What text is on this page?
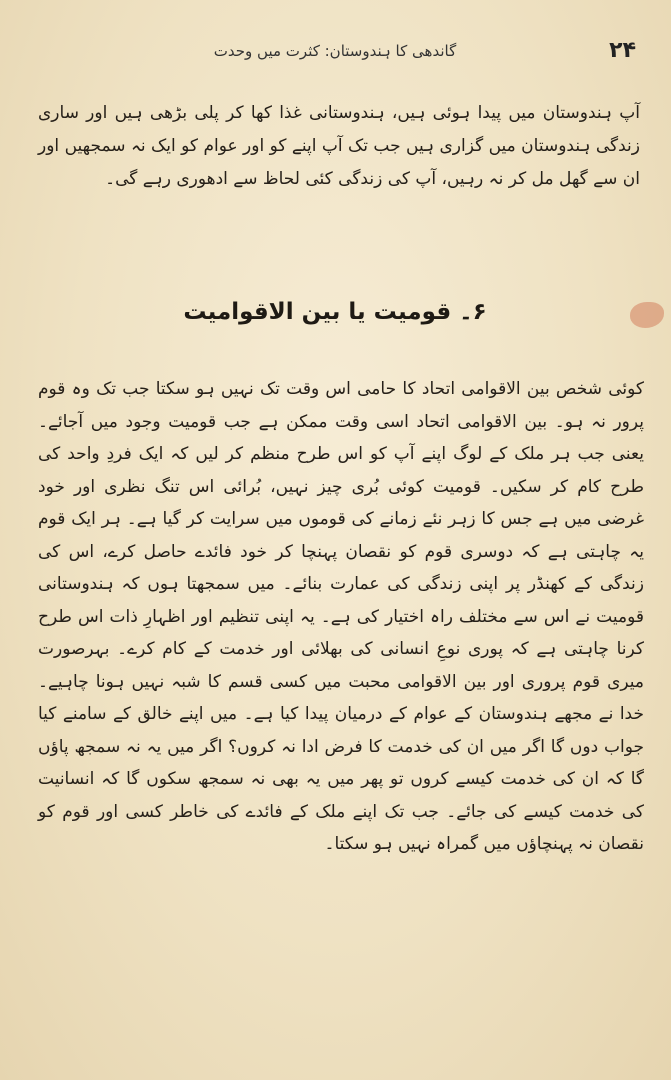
۲۴
گاندھی کا ہندوستان: کثرت میں وحدت

آپ ہندوستان میں پیدا ہوئی ہیں، ہندوستانی غذا کھا کر پلی بڑھی ہیں اور ساری زندگی ہندوستان میں گزاری ہیں جب تک آپ اپنے کو اور عوام کو ایک نہ سمجھیں اور ان سے گھل مل کر نہ رہیں، آپ کی زندگی کئی لحاظ سے ادھوری رہے گی۔

۶۔ قومیت یا بین الاقوامیت

کوئی شخص بین الاقوامی اتحاد کا حامی اس وقت تک نہیں ہو سکتا جب تک وہ قوم پرور نہ ہو۔ بین الاقوامی اتحاد اسی وقت ممکن ہے جب قومیت وجود میں آجائے۔ یعنی جب ہر ملک کے لوگ اپنے آپ کو اس طرح منظم کر لیں کہ ایک فردِ واحد کی طرح کام کر سکیں۔ قومیت کوئی بُری چیز نہیں، بُرائی اس تنگ نظری اور خود غرضی میں ہے جس کا زہر نئے زمانے کی قوموں میں سرایت کر گیا ہے۔ ہر ایک قوم یہ چاہتی ہے کہ دوسری قوم کو نقصان پہنچا کر خود فائدے حاصل کرے، اس کی زندگی کے کھنڈر پر اپنی زندگی کی عمارت بنائے۔ میں سمجھتا ہوں کہ ہندوستانی قومیت نے اس سے مختلف راہ اختیار کی ہے۔ یہ اپنی تنظیم اور اظہارِ ذات اس طرح کرنا چاہتی ہے کہ پوری نوعِ انسانی کی بھلائی اور خدمت کے کام کرے۔ بہرصورت میری قوم پروری اور بین الاقوامی محبت میں کسی قسم کا شبہ نہیں ہونا چاہیے۔ خدا نے مجھے ہندوستان کے عوام کے درمیان پیدا کیا ہے۔ میں اپنے خالق کے سامنے کیا جواب دوں گا اگر میں ان کی خدمت کا فرض ادا نہ کروں؟ اگر میں یہ نہ سمجھ پاؤں گا کہ ان کی خدمت کیسے کروں تو پھر میں یہ بھی نہ سمجھ سکوں گا کہ انسانیت کی خدمت کیسے کی جائے۔ جب تک اپنے ملک کے فائدے کی خاطر کسی اور قوم کو نقصان نہ پہنچاؤں میں گمراہ نہیں ہو سکتا۔
